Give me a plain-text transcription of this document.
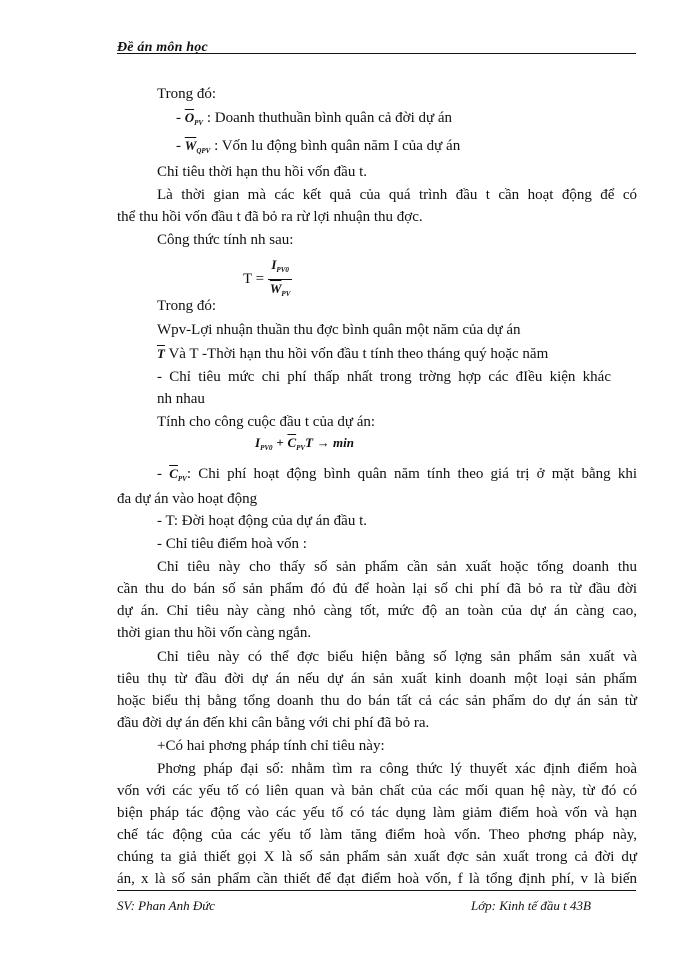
Đề án môn học
Trong đó:
- $\overline{O}_{PV}$ : Doanh thuthuần bình quân cả đời dự án
- $\overline{W}_{QPV}$ : Vốn lu động bình quân năm I của dự án
Chỉ tiêu thời hạn thu hồi vốn đầu t.
Là thời gian mà các kết quả của quá trình đầu t cần hoạt động để có
thể thu hồi vốn đầu t đã bỏ ra rừ lợi nhuận thu đợc.
Công thức tính nh sau:
$T = \frac{I_{PV0}}{\overline{W}_{PV}}$
Trong đó:
Wpv-Lợi nhuận thuần thu đợc bình quân một năm của dự án
$\overline{T}$ Và T -Thời hạn thu hồi vốn đầu t tính theo tháng quý hoặc năm
- Chỉ tiêu mức chi phí thấp nhất trong trờng hợp các đIều kiện khác
nh nhau
Tính cho công cuộc đầu t của dự án:
$I_{PV0} + \overline{C}_{PV}T \to \min$
- $\overline{C}_{PV}$: Chi phí hoạt động bình quân năm tính theo giá trị ở mặt bằng khi
đa dự án vào hoạt động
- T: Đời hoạt động của dự án đầu t.
- Chỉ tiêu điểm hoà vốn :
Chỉ tiêu này cho thấy số sản phẩm cần sản xuất hoặc tổng doanh thu
cần thu do bán số sản phẩm đó đủ để hoàn lại số chi phí đã bỏ ra từ đầu đời
dự án. Chỉ tiêu này càng nhỏ càng tốt, mức độ an toàn của dự án càng cao,
thời gian thu hồi vốn càng ngắn.
Chỉ tiêu này có thể đợc biểu hiện bằng số lợng sản phẩm sản xuất và
tiêu thụ từ đầu đời dự án nếu dự án sản xuất kinh doanh một loại sản phẩm
hoặc biểu thị bằng tổng doanh thu do bán tất cả các sản phẩm do dự án sản từ
đầu đời dự án đến khi cân bằng với chi phí đã bỏ ra.
+Có hai phơng pháp tính chỉ tiêu này:
Phơng pháp đại số: nhằm tìm ra công thức lý thuyết xác định điểm hoà
vốn với các yếu tố có liên quan và bản chất của các mối quan hệ này, từ đó có
biện pháp tác động vào các yếu tố có tác dụng làm giảm điểm hoà vốn và hạn
chế tác động của các yếu tố làm tăng điểm hoà vốn. Theo phơng pháp này,
chúng ta giả thiết gọi X là số sản phẩm sản xuất đợc sản xuất trong cả đời dự
án, x là số sản phẩm cần thiết để đạt điểm hoà vốn, f là tổng định phí, v là biến
SV: Phan Anh Đức	Lớp: Kinh tế đầu t 43B
